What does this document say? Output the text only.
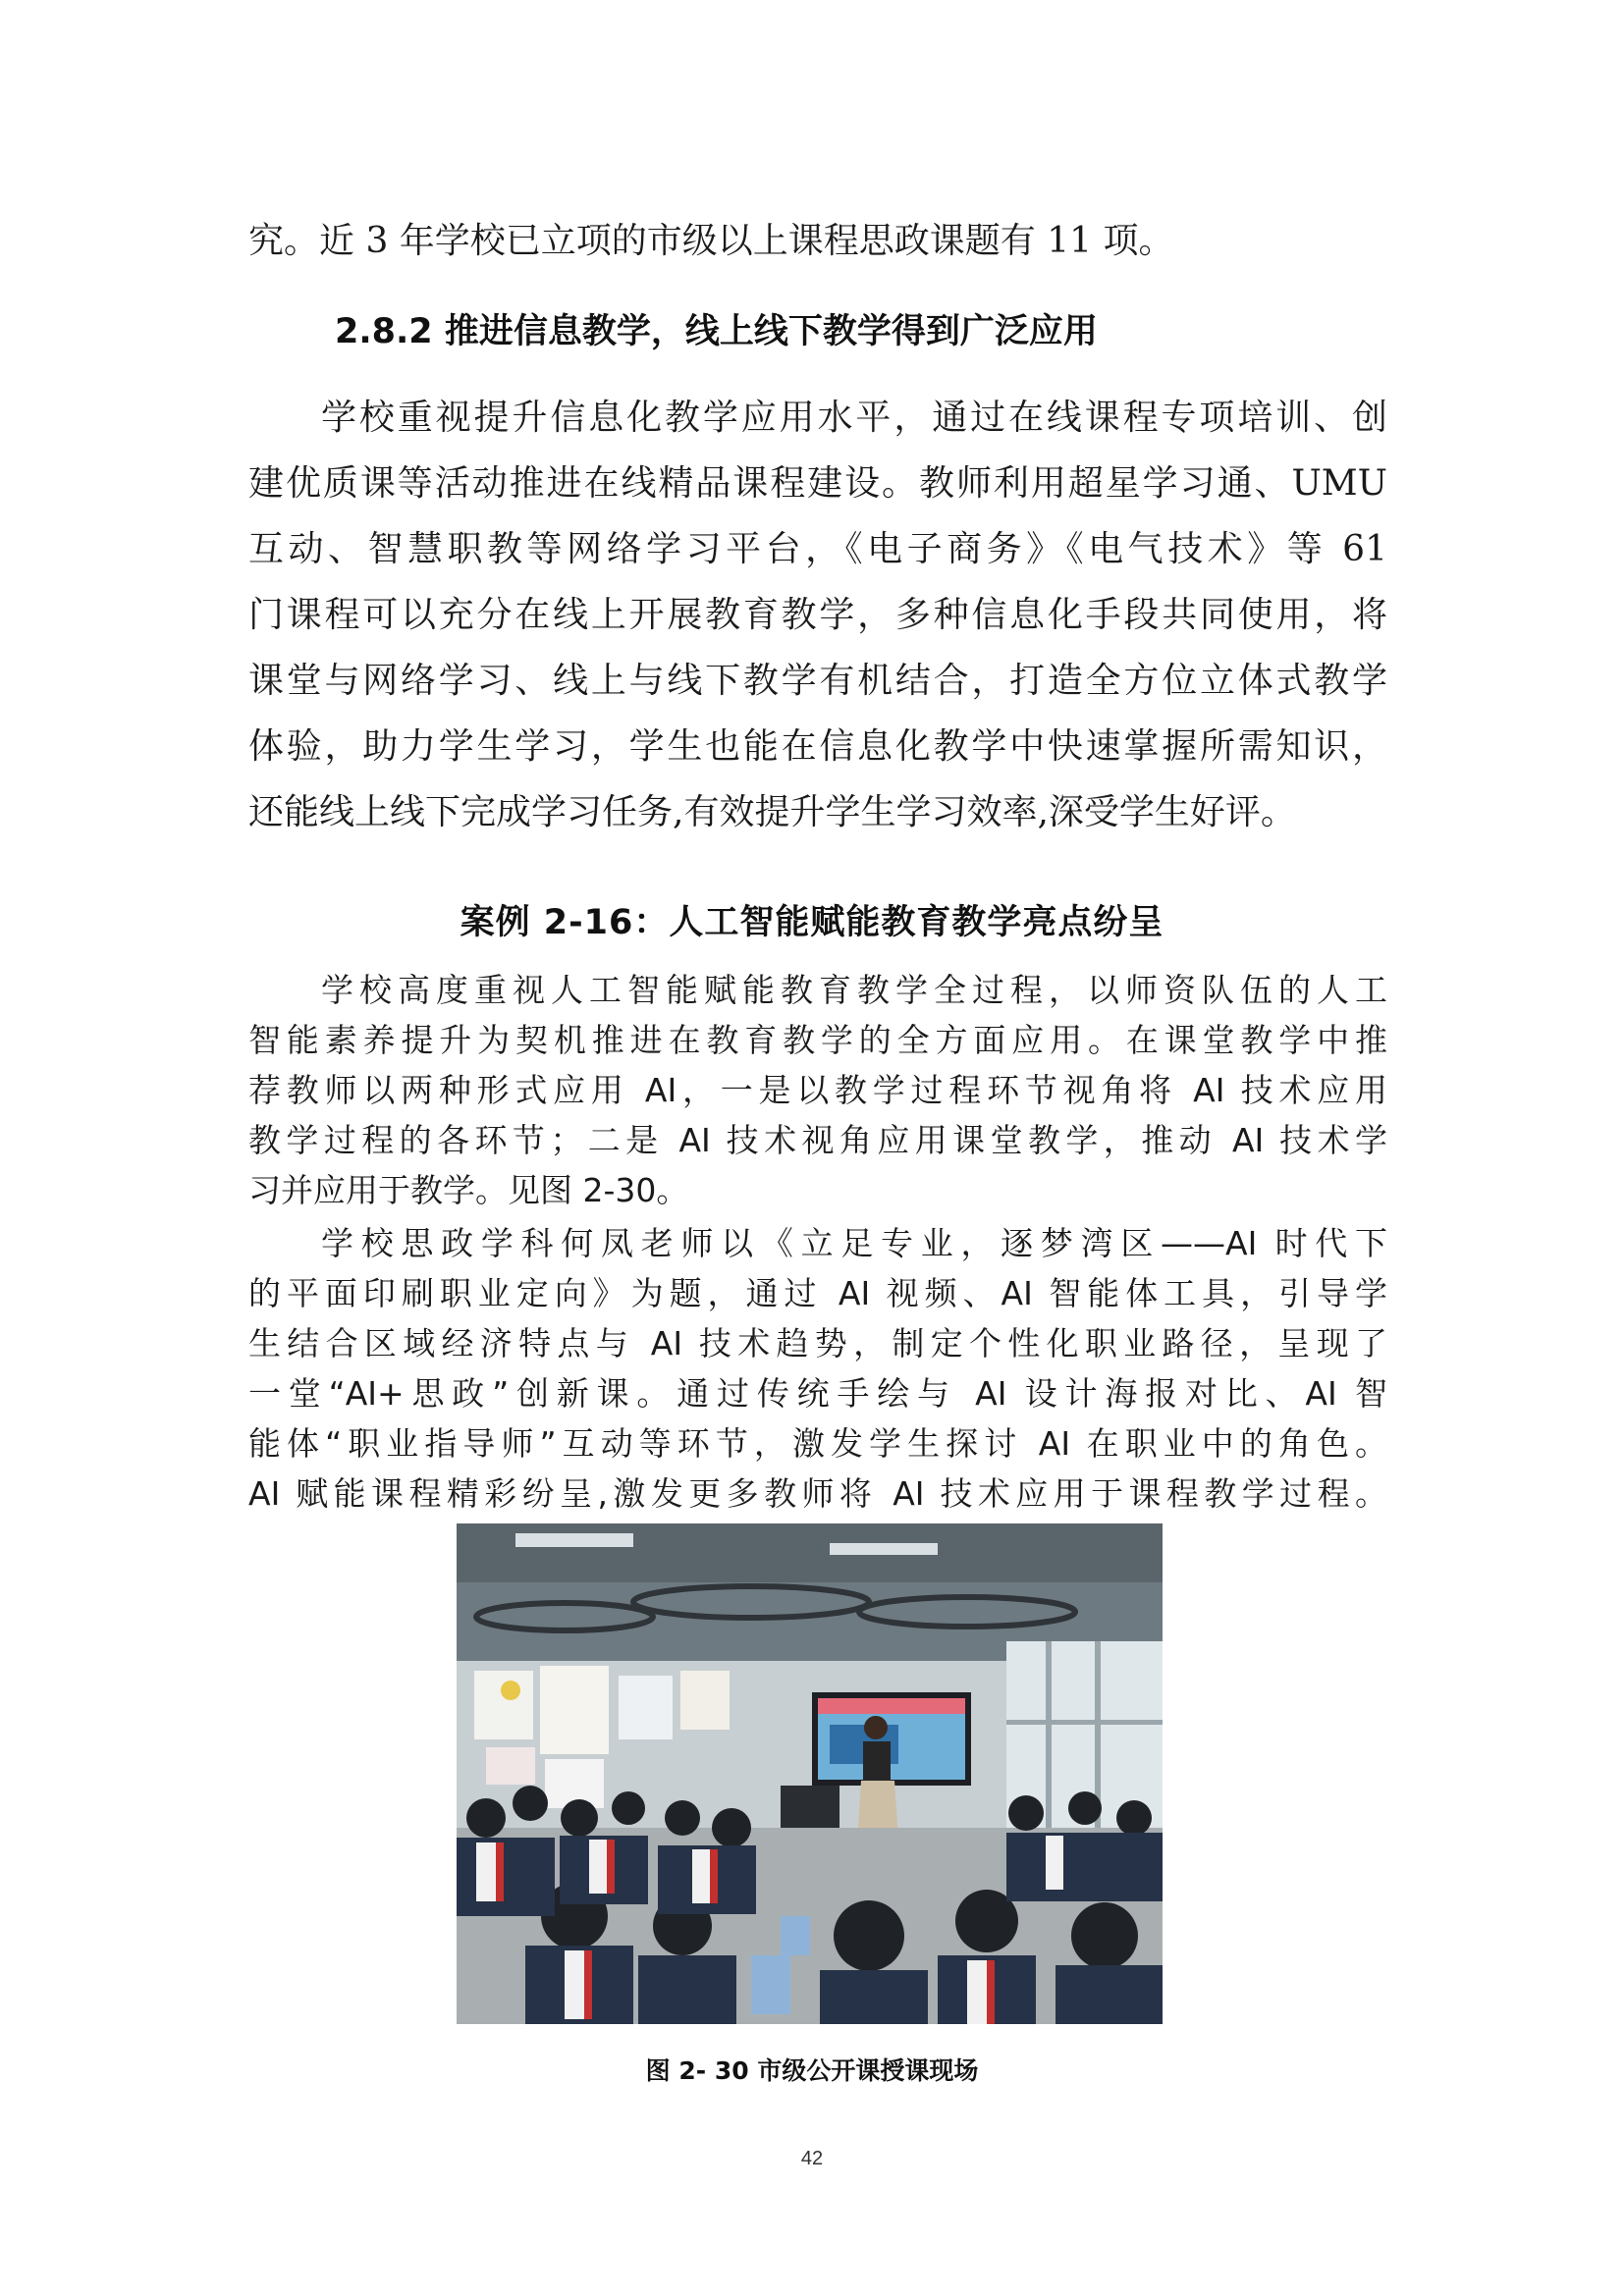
究。近 3 年学校已立项的市级以上课程思政课题有 11 项。
2.8.2 推进信息教学，线上线下教学得到广泛应用
学校重视提升信息化教学应用水平，通过在线课程专项培训、创
建优质课等活动推进在线精品课程建设。教师利用超星学习通、UMU
互动、智慧职教等网络学习平台，《电子商务》《电气技术》等 61
门课程可以充分在线上开展教育教学，多种信息化手段共同使用，将
课堂与网络学习、线上与线下教学有机结合，打造全方位立体式教学
体验，助力学生学习，学生也能在信息化教学中快速掌握所需知识，
还能线上线下完成学习任务,有效提升学生学习效率,深受学生好评。
案例 2-16：人工智能赋能教育教学亮点纷呈
学校高度重视人工智能赋能教育教学全过程，以师资队伍的人工
智能素养提升为契机推进在教育教学的全方面应用。在课堂教学中推
荐教师以两种形式应用 AI，一是以教学过程环节视角将 AI 技术应用
教学过程的各环节；二是 AI 技术视角应用课堂教学，推动 AI 技术学
习并应用于教学。见图 2-30。
学校思政学科何凤老师以《立足专业，逐梦湾区——AI 时代下
的平面印刷职业定向》为题，通过 AI 视频、AI 智能体工具，引导学
生结合区域经济特点与 AI 技术趋势，制定个性化职业路径，呈现了
一堂“AI+思政”创新课。通过传统手绘与 AI 设计海报对比、AI 智
能体“职业指导师”互动等环节，激发学生探讨 AI 在职业中的角色。
AI 赋能课程精彩纷呈,激发更多教师将 AI 技术应用于课程教学过程。
图 2- 30 市级公开课授课现场
42
